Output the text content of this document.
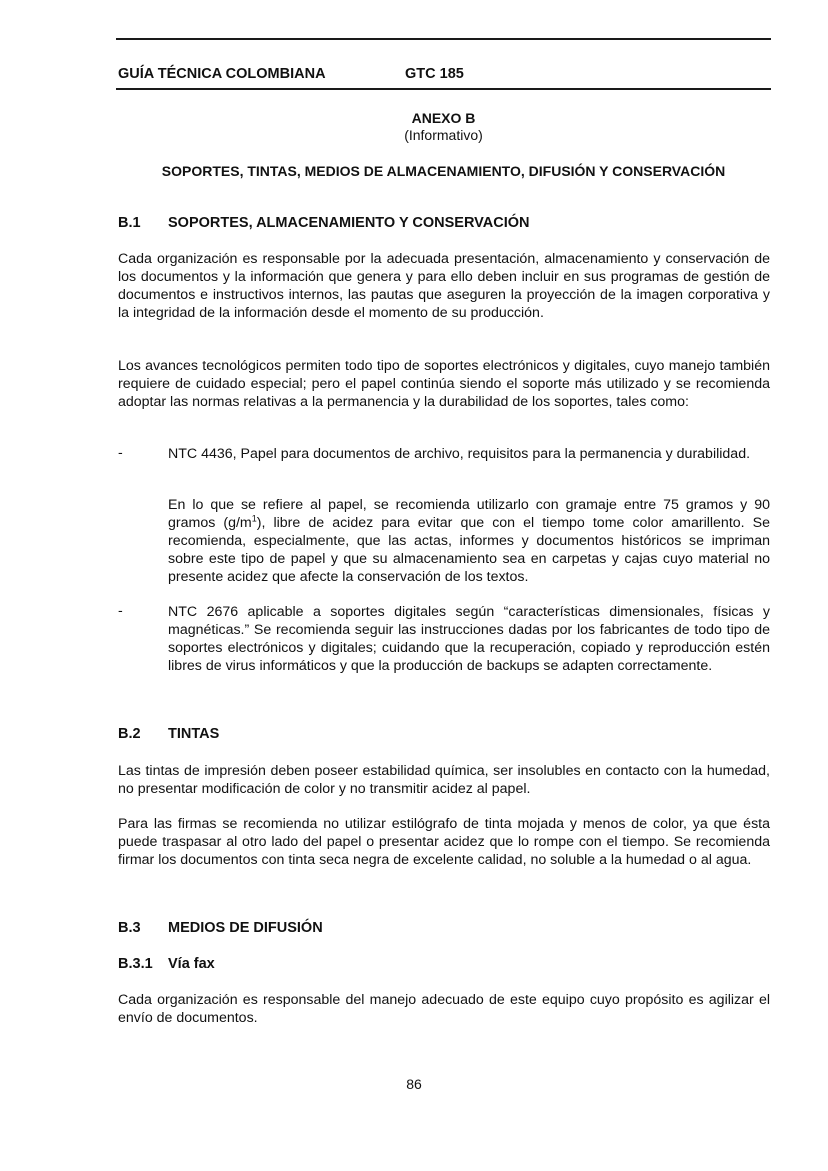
GUÍA TÉCNICA COLOMBIANA	GTC 185
ANEXO B
(Informativo)
SOPORTES, TINTAS, MEDIOS DE ALMACENAMIENTO, DIFUSIÓN Y CONSERVACIÓN
B.1 SOPORTES, ALMACENAMIENTO Y CONSERVACIÓN

Cada organización es responsable por la adecuada presentación, almacenamiento y conservación de los documentos y la información que genera y para ello deben incluir en sus programas de gestión de documentos e instructivos internos, las pautas que aseguren la proyección de la imagen corporativa y la integridad de la información desde el momento de su producción.

Los avances tecnológicos permiten todo tipo de soportes electrónicos y digitales, cuyo manejo también requiere de cuidado especial; pero el papel continúa siendo el soporte más utilizado y se recomienda adoptar las normas relativas a la permanencia y la durabilidad de los soportes, tales como:

-	NTC 4436, Papel para documentos de archivo, requisitos para la permanencia y durabilidad.

En lo que se refiere al papel, se recomienda utilizarlo con gramaje entre 75 gramos y 90 gramos $(g/m^1)$, libre de acidez para evitar que con el tiempo tome color amarillento. Se recomienda, especialmente, que las actas, informes y documentos históricos se impriman sobre este tipo de papel y que su almacenamiento sea en carpetas y cajas cuyo material no presente acidez que afecte la conservación de los textos.

-	NTC 2676 aplicable a soportes digitales según “características dimensionales, físicas y magnéticas.” Se recomienda seguir las instrucciones dadas por los fabricantes de todo tipo de soportes electrónicos y digitales; cuidando que la recuperación, copiado y reproducción estén libres de virus informáticos y que la producción de backups se adapten correctamente.

B.2 TINTAS

Las tintas de impresión deben poseer estabilidad química, ser insolubles en contacto con la humedad, no presentar modificación de color y no transmitir acidez al papel.

Para las firmas se recomienda no utilizar estilógrafo de tinta mojada y menos de color, ya que ésta puede traspasar al otro lado del papel o presentar acidez que lo rompe con el tiempo. Se recomienda firmar los documentos con tinta seca negra de excelente calidad, no soluble a la humedad o al agua.

B.3 MEDIOS DE DIFUSIÓN
B.3.1 Vía fax

Cada organización es responsable del manejo adecuado de este equipo cuyo propósito es agilizar el envío de documentos.

86
